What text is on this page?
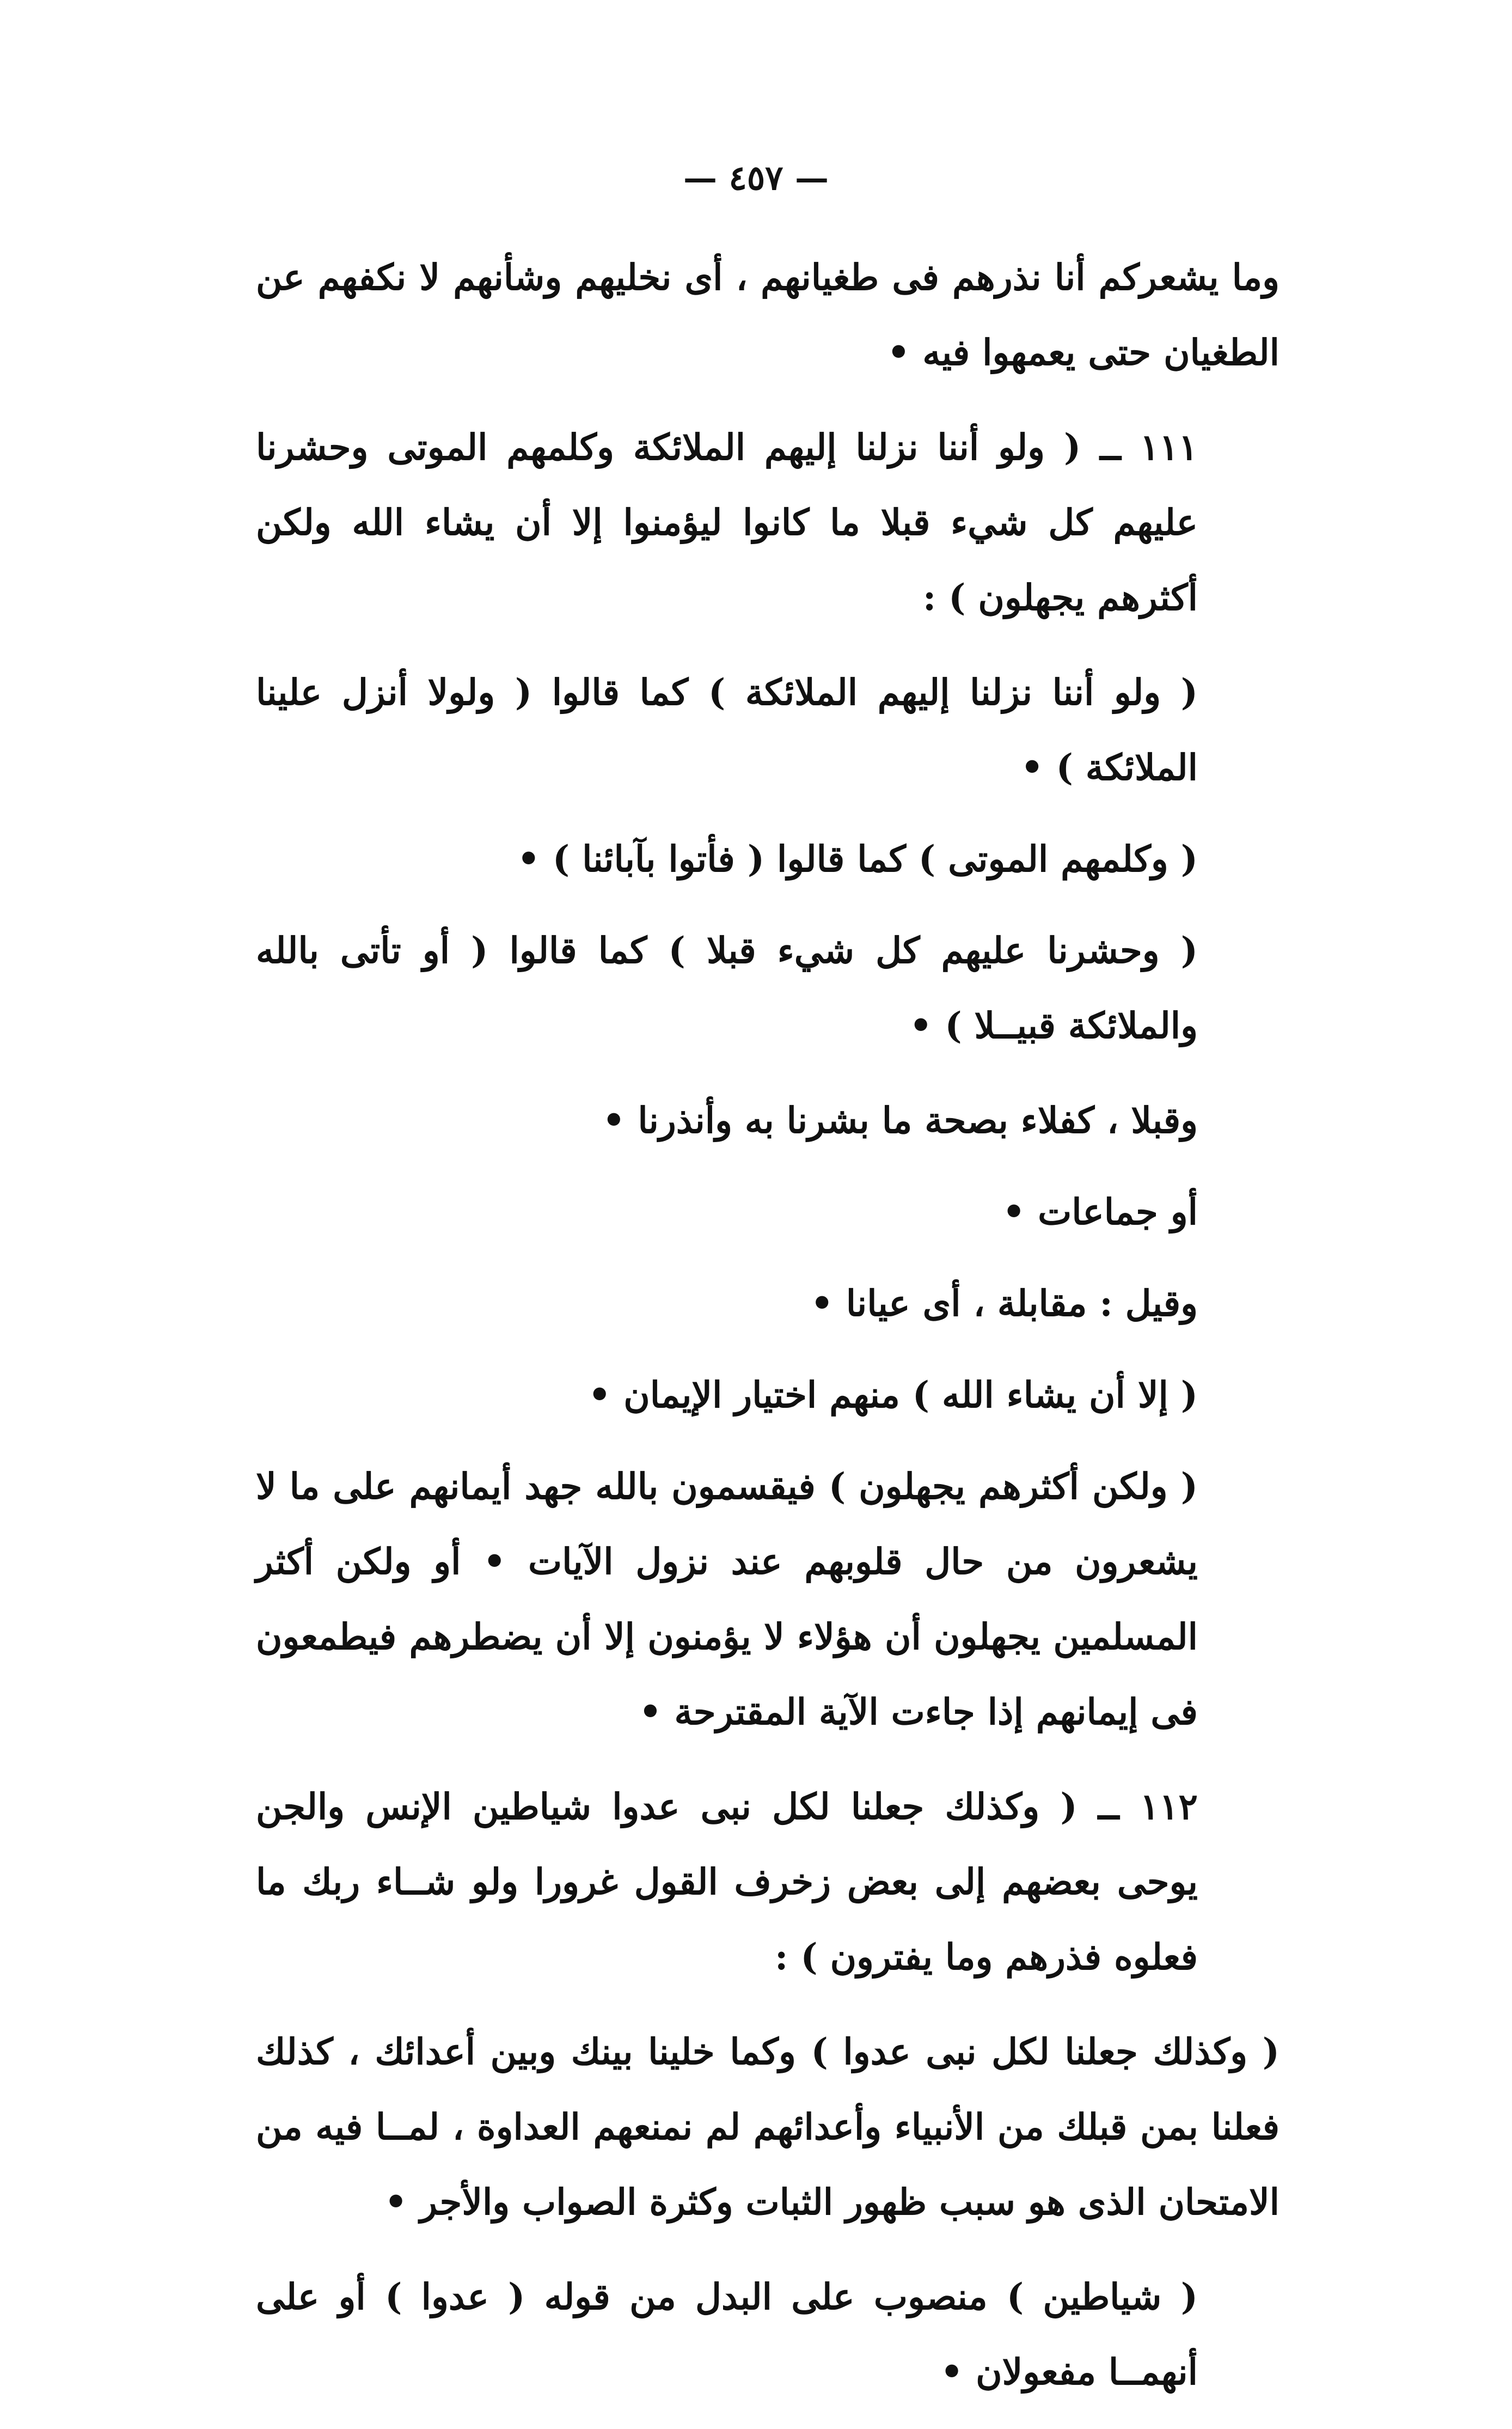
— ٤٥٧ —

وما يشعركم أنا نذرهم فى طغيانهم ، أى نخليهم وشأنهم لا نكفهم عن الطغيان حتى يعمهوا فيه •

١١١ ــ ( ولو أننا نزلنا إليهم الملائكة وكلمهم الموتى وحشرنا عليهم كل شيء قبلا ما كانوا ليؤمنوا إلا أن يشاء الله ولكن أكثرهم يجهلون ) :

( ولو أننا نزلنا إليهم الملائكة ) كما قالوا ( ولولا أنزل علينا الملائكة ) •

( وكلمهم الموتى ) كما قالوا ( فأتوا بآبائنا ) •

( وحشرنا عليهم كل شيء قبلا ) كما قالوا ( أو تأتى بالله والملائكة قبيــلا ) •

وقبلا ، كفلاء بصحة ما بشرنا به وأنذرنا •

أو جماعات •

وقيل : مقابلة ، أى عيانا •

( إلا أن يشاء الله ) منهم اختيار الإيمان •

( ولكن أكثرهم يجهلون ) فيقسمون بالله جهد أيمانهم على ما لا يشعرون من حال قلوبهم عند نزول الآيات • أو ولكن أكثر المسلمين يجهلون أن هؤلاء لا يؤمنون إلا أن يضطرهم فيطمعون فى إيمانهم إذا جاءت الآية المقترحة •

١١٢ ــ ( وكذلك جعلنا لكل نبى عدوا شياطين الإنس والجن يوحى بعضهم إلى بعض زخرف القول غرورا ولو شــاء ربك ما فعلوه فذرهم وما يفترون ) :

( وكذلك جعلنا لكل نبى عدوا ) وكما خلينا بينك وبين أعدائك ، كذلك فعلنا بمن قبلك من الأنبياء وأعدائهم لم نمنعهم العداوة ، لمــا فيه من الامتحان الذى هو سبب ظهور الثبات وكثرة الصواب والأجر •

( شياطين ) منصوب على البدل من قوله ( عدوا ) أو على أنهمــا مفعولان •
